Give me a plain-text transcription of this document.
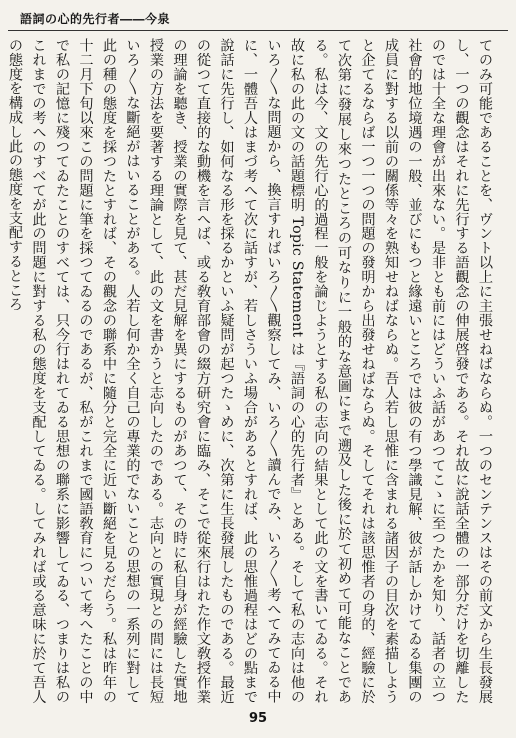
語詞の心的先行者――今泉

てのみ可能であることを、ヴント以上に主張せねばならぬ。一つのセンテンスはその前文から生長發展し、一つの觀念はそれに先行する語觀念の伸展啓發である。それ故に說話全體の一部分だけを切離したのでは十全な理會が出來ない。是非とも前にはどういふ話があつてこゝに至つたかを知り、話者の立つ社會的地位境遇の一般、並びにもつと緣遠いところでは彼の有つ學識見解、彼が話しかけてゐる集團の成員に對する以前の關係等々を熟知せねばならぬ。吾人若し思惟に含まれる諸因子の目次を素描しようと企てるならば一つ一つの問題の發明から出發せねばならぬ。そしてそれは該思惟者の身的、經驗に於て次第に發展し來つたところの可なりに一般的な意圖にまで遡及した後に於て初めて可能なことである。私は今、文の先行心的過程一般を論じようとする私の志向の結果として此の文を書いてゐる。それ故に私の此の文の話題標明 Topic Statement は『語詞の心的先行者』とある。そして私の志向は他のいろ〳〵な問題から、換言すればいろ〳〵觀察してみ、いろ〳〵讀んでみ、いろ〳〵考へてみてゐる中に、一體吾人はまづ考へて次に話すが、若しさういふ場合があるとすれば、此の思惟過程はどの點まで說話に先行し、如何なる形を採るかといふ疑問が起つたゝめに、次第に生長發展したものである。最近の從つて直接的な動機を言へば、或る敎育部會の綴方研究會に臨み、そこで從來行はれた作文敎授作業の理論を聽き、授業の實際を見て、甚だ見解を異にするものがあつて、その時に私自身が經驗した實地授業の方法を要著する理論として、此の文を書かうと志向したのである。志向との實現との間には長短いろ〳〵な斷絕がはいることがある。人若し何か全く自己の專業的でないことの思想の一系列に對して此の種の態度を採つたとすれば、その觀念の聯系中に隨分と完全に近い斷絕を見るだらう。私は昨年の十二月下旬以來この問題に筆を採つてゐるのであるが、私がこれまで國語敎育について考へたことの中で私の記憶に殘つてゐたことのすべては、只今行はれてゐる思想の聯系に影響してゐる、つまりは私のこれまでの考へのすべてが此の問題に對する私の態度を支配してゐる。してみれば或る意味に於て吾人の態度を構成し此の態度を支配するところ

95
